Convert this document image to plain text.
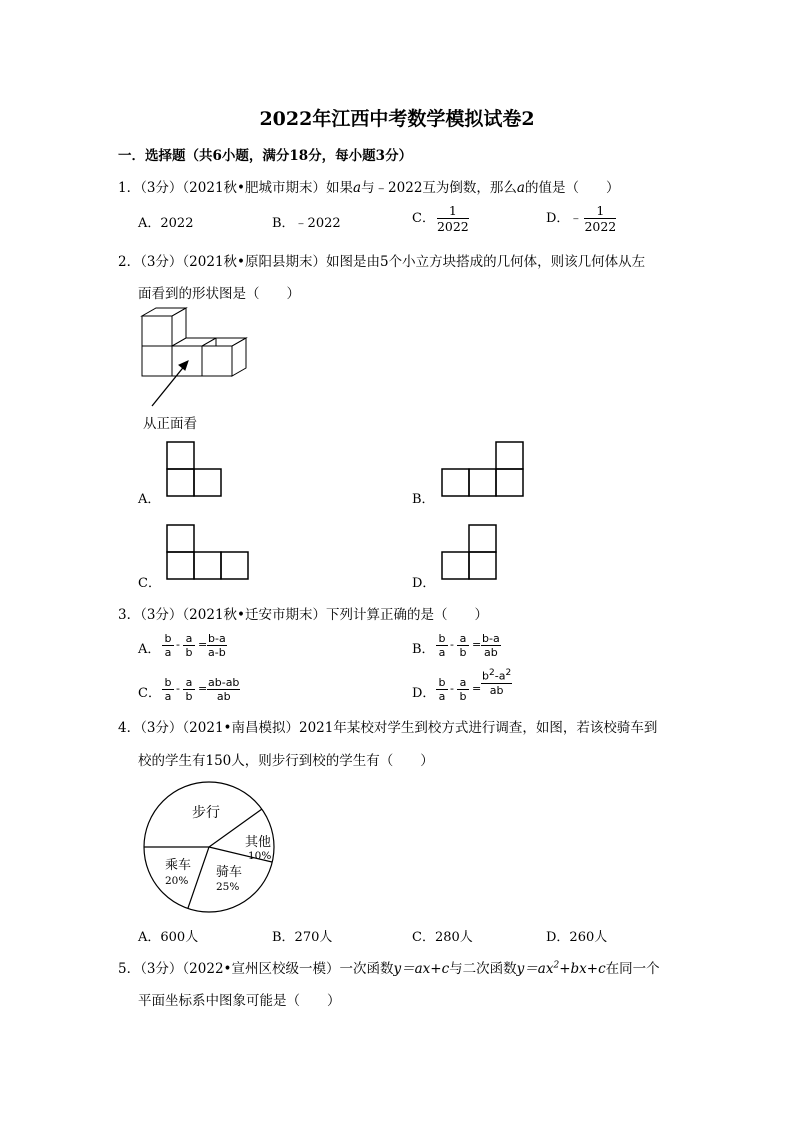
2022年江西中考数学模拟试卷2
一．选择题（共6小题，满分18分，每小题3分）
1．（3分）（2021秋•肥城市期末）如果a与﹣2022互为倒数，那么a的值是（　　）
A．2022	B．﹣2022	C． $\frac{1}{2022}$	D．﹣ $\frac{1}{2022}$
2．（3分）（2021秋•原阳县期末）如图是由5个小立方块搭成的几何体，则该几何体从左
面看到的形状图是（　　）
从正面看
A．	B．
C．	D．
3．（3分）（2021秋•迁安市期末）下列计算正确的是（　　）
A． $\frac{b}{a} - \frac{a}{b} = \frac{b-a}{a-b}$	B． $\frac{b}{a} - \frac{a}{b} = \frac{b-a}{ab}$
C． $\frac{b}{a} - \frac{a}{b} = \frac{ab-ab}{ab}$	D． $\frac{b}{a} - \frac{a}{b} = \frac{b^2-a^2}{ab}$
4．（3分）（2021•南昌模拟）2021年某校对学生到校方式进行调查，如图，若该校骑车到
校的学生有150人，则步行到校的学生有（　　）
步行
其他
10%
骑车
25%
乘车
20%
A．600人	B．270人	C．280人	D．260人
5．（3分）（2022•宣州区校级一模）一次函数y＝ax+c与二次函数$y=ax^2+bx+c$在同一个
平面坐标系中图象可能是（　　）
